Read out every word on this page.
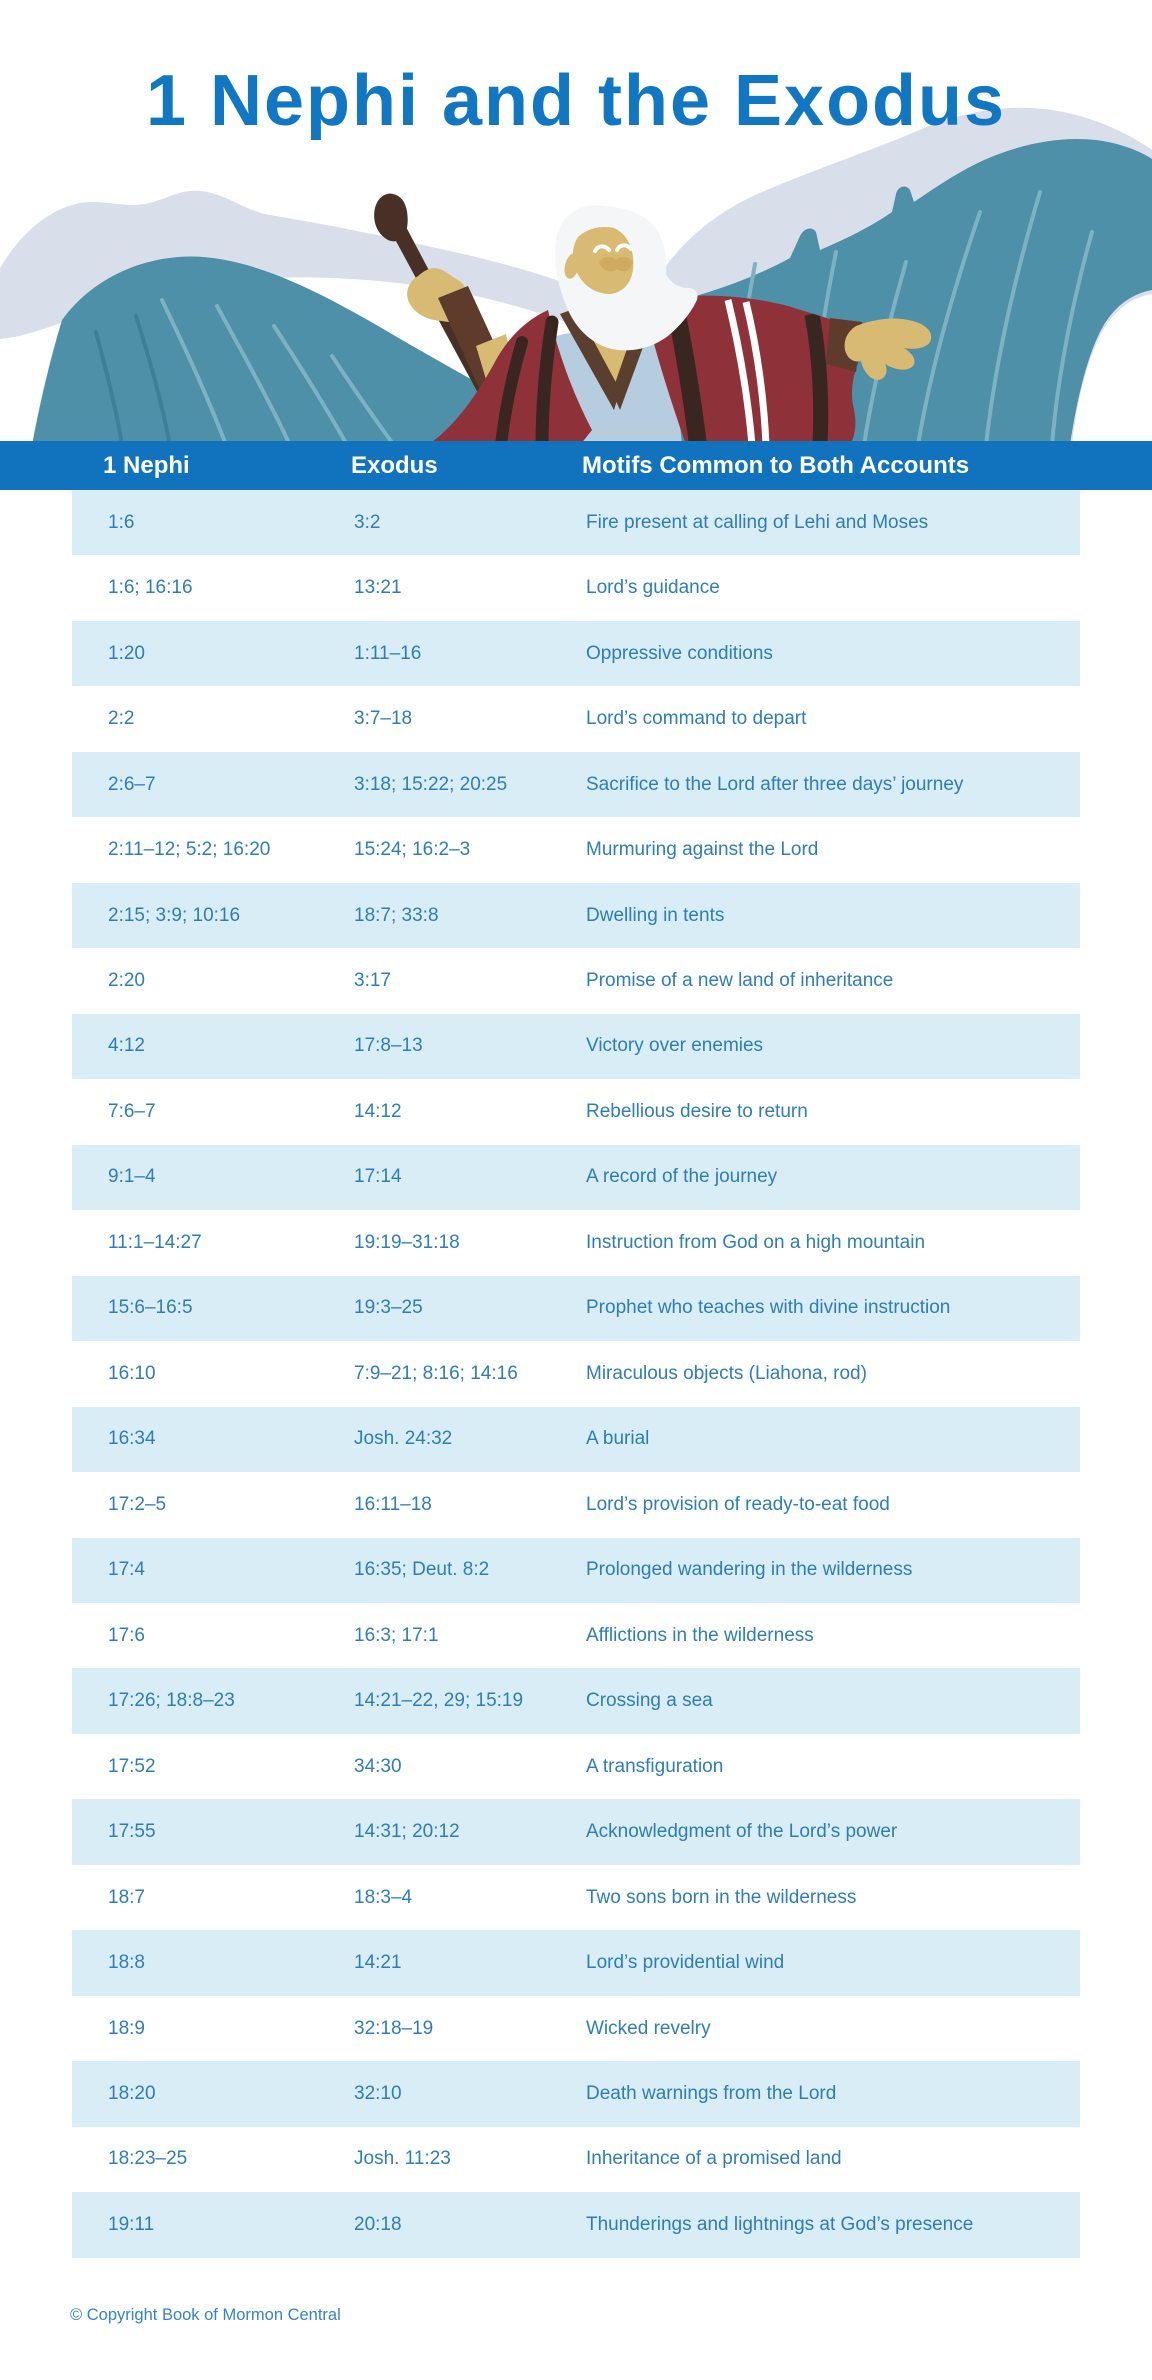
1 Nephi and the Exodus
1 Nephi	Exodus	Motifs Common to Both Accounts
1:6	3:2	Fire present at calling of Lehi and Moses
1:6; 16:16	13:21	Lord’s guidance
1:20	1:11–16	Oppressive conditions
2:2	3:7–18	Lord’s command to depart
2:6–7	3:18; 15:22; 20:25	Sacrifice to the Lord after three days’ journey
2:11–12; 5:2; 16:20	15:24; 16:2–3	Murmuring against the Lord
2:15; 3:9; 10:16	18:7; 33:8	Dwelling in tents
2:20	3:17	Promise of a new land of inheritance
4:12	17:8–13	Victory over enemies
7:6–7	14:12	Rebellious desire to return
9:1–4	17:14	A record of the journey
11:1–14:27	19:19–31:18	Instruction from God on a high mountain
15:6–16:5	19:3–25	Prophet who teaches with divine instruction
16:10	7:9–21; 8:16; 14:16	Miraculous objects (Liahona, rod)
16:34	Josh. 24:32	A burial
17:2–5	16:11–18	Lord’s provision of ready-to-eat food
17:4	16:35; Deut. 8:2	Prolonged wandering in the wilderness
17:6	16:3; 17:1	Afflictions in the wilderness
17:26; 18:8–23	14:21–22, 29; 15:19	Crossing a sea
17:52	34:30	A transfiguration
17:55	14:31; 20:12	Acknowledgment of the Lord’s power
18:7	18:3–4	Two sons born in the wilderness
18:8	14:21	Lord’s providential wind
18:9	32:18–19	Wicked revelry
18:20	32:10	Death warnings from the Lord
18:23–25	Josh. 11:23	Inheritance of a promised land
19:11	20:18	Thunderings and lightnings at God’s presence
© Copyright Book of Mormon Central
